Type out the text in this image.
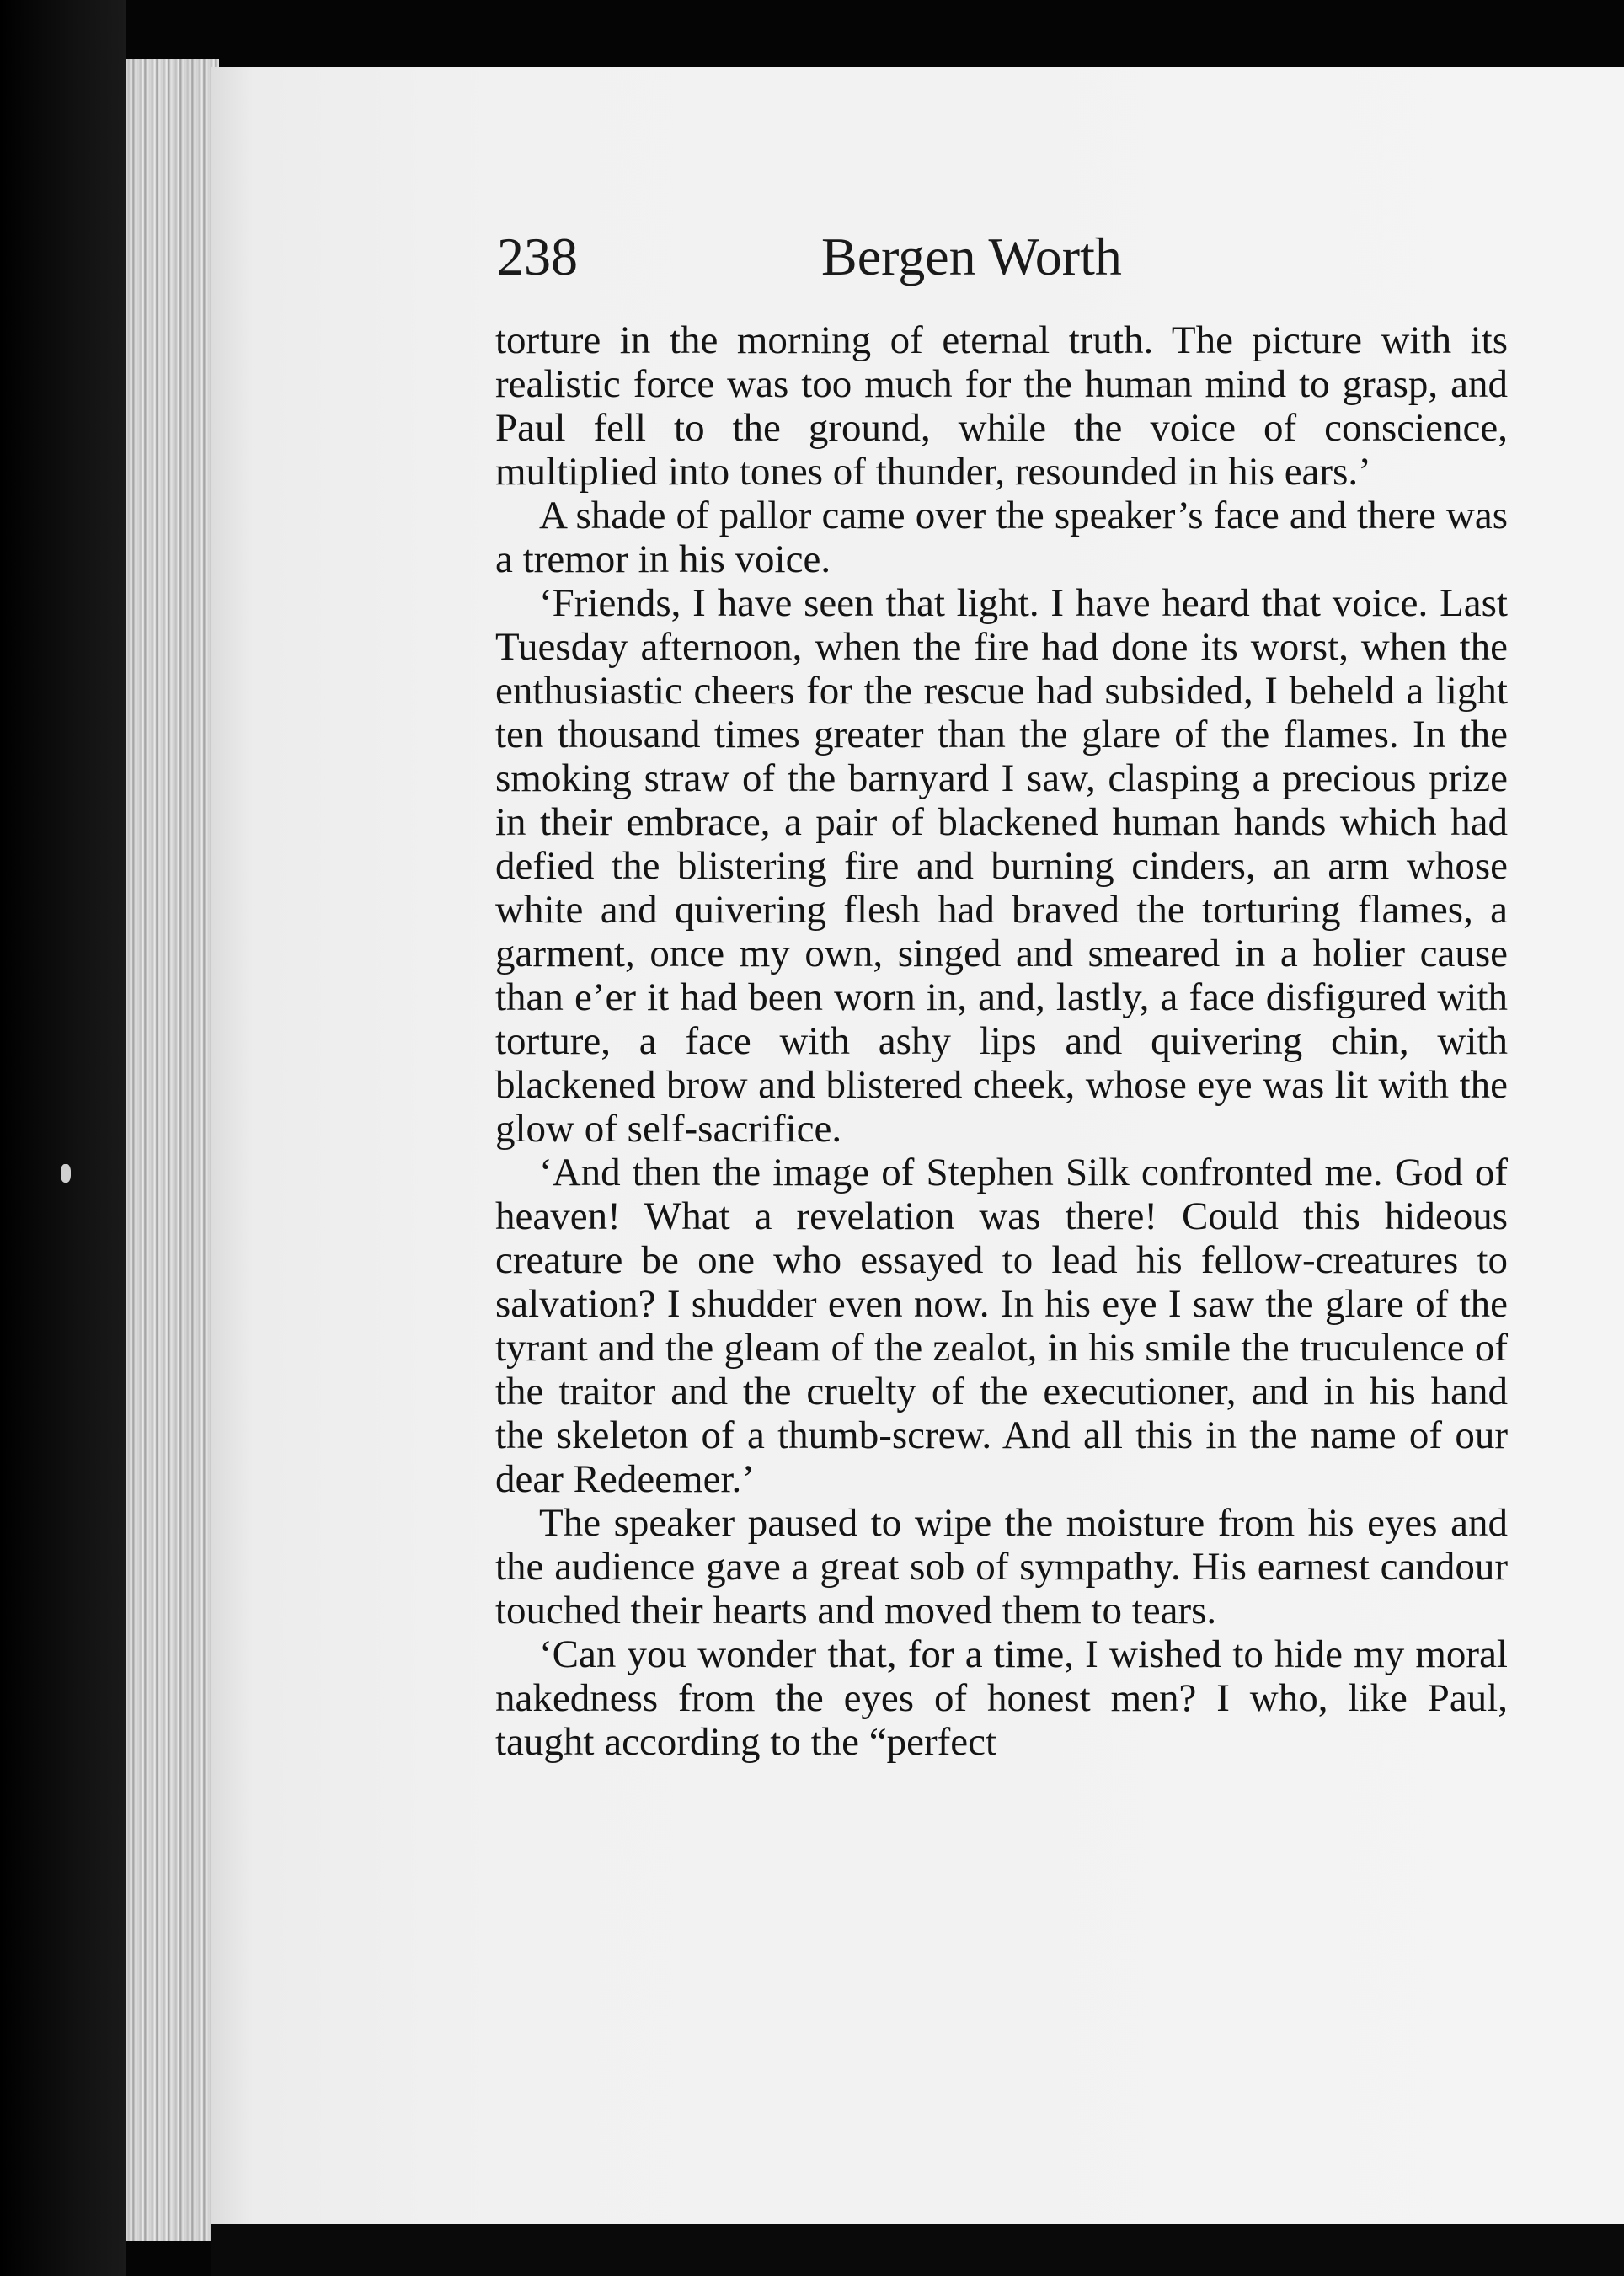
238	Bergen Worth

torture in the morning of eternal truth. The picture with its realistic force was too much for the human mind to grasp, and Paul fell to the ground, while the voice of conscience, multiplied into tones of thunder, resounded in his ears.’

A shade of pallor came over the speaker’s face and there was a tremor in his voice.

‘Friends, I have seen that light. I have heard that voice. Last Tuesday afternoon, when the fire had done its worst, when the enthusiastic cheers for the rescue had subsided, I beheld a light ten thousand times greater than the glare of the flames. In the smoking straw of the barnyard I saw, clasping a precious prize in their embrace, a pair of blackened human hands which had defied the blistering fire and burning cinders, an arm whose white and quivering flesh had braved the torturing flames, a garment, once my own, singed and smeared in a holier cause than e’er it had been worn in, and, lastly, a face disfigured with torture, a face with ashy lips and quivering chin, with blackened brow and blistered cheek, whose eye was lit with the glow of self-sacrifice.

‘And then the image of Stephen Silk confronted me. God of heaven! What a revelation was there! Could this hideous creature be one who essayed to lead his fellow-creatures to salvation? I shudder even now. In his eye I saw the glare of the tyrant and the gleam of the zealot, in his smile the truculence of the traitor and the cruelty of the executioner, and in his hand the skeleton of a thumb-screw. And all this in the name of our dear Redeemer.’

The speaker paused to wipe the moisture from his eyes and the audience gave a great sob of sympathy. His earnest candour touched their hearts and moved them to tears.

‘Can you wonder that, for a time, I wished to hide my moral nakedness from the eyes of honest men? I who, like Paul, taught according to the “perfect
